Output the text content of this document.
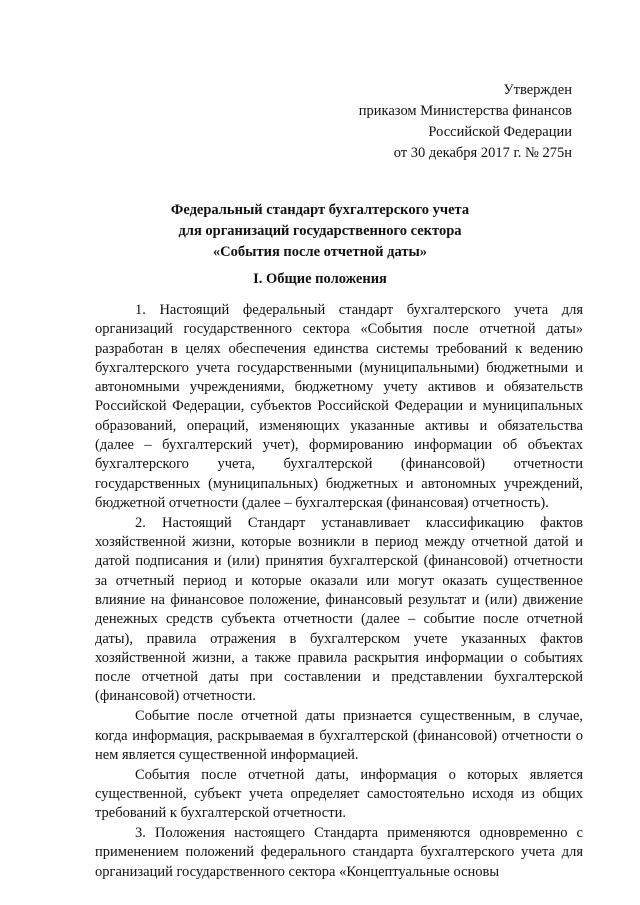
Утвержден
приказом Министерства финансов
Российской Федерации
от 30 декабря 2017 г. № 275н
Федеральный стандарт бухгалтерского учета
для организаций государственного сектора
«События после отчетной даты»
I. Общие положения

1. Настоящий федеральный стандарт бухгалтерского учета для организаций государственного сектора «События после отчетной даты» разработан в целях обеспечения единства системы требований к ведению бухгалтерского учета государственными (муниципальными) бюджетными и автономными учреждениями, бюджетному учету активов и обязательств Российской Федерации, субъектов Российской Федерации и муниципальных образований, операций, изменяющих указанные активы и обязательства (далее – бухгалтерский учет), формированию информации об объектах бухгалтерского учета, бухгалтерской (финансовой) отчетности государственных (муниципальных) бюджетных и автономных учреждений, бюджетной отчетности (далее – бухгалтерская (финансовая) отчетность).

2. Настоящий Стандарт устанавливает классификацию фактов хозяйственной жизни, которые возникли в период между отчетной датой и датой подписания и (или) принятия бухгалтерской (финансовой) отчетности за отчетный период и которые оказали или могут оказать существенное влияние на финансовое положение, финансовый результат и (или) движение денежных средств субъекта отчетности (далее – событие после отчетной даты), правила отражения в бухгалтерском учете указанных фактов хозяйственной жизни, а также правила раскрытия информации о событиях после отчетной даты при составлении и представлении бухгалтерской (финансовой) отчетности.

Событие после отчетной даты признается существенным, в случае, когда информация, раскрываемая в бухгалтерской (финансовой) отчетности о нем является существенной информацией.

События после отчетной даты, информация о которых является существенной, субъект учета определяет самостоятельно исходя из общих требований к бухгалтерской отчетности.

3. Положения настоящего Стандарта применяются одновременно с применением положений федерального стандарта бухгалтерского учета для организаций государственного сектора «Концептуальные основы
